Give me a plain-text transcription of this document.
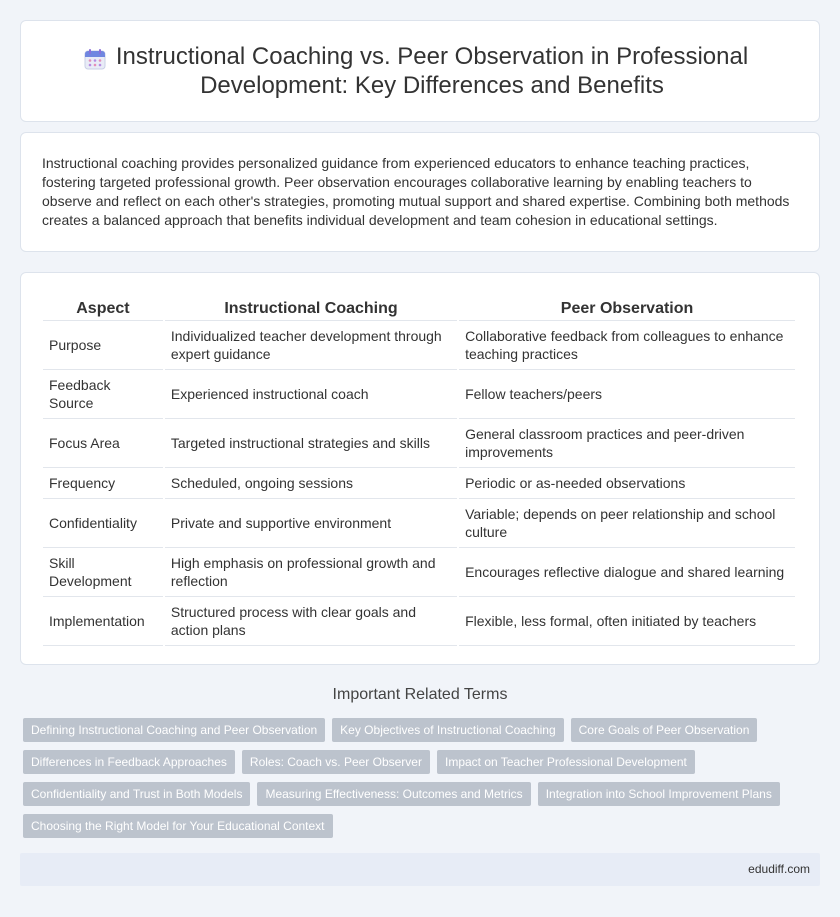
Instructional Coaching vs. Peer Observation in Professional Development: Key Differences and Benefits

Instructional coaching provides personalized guidance from experienced educators to enhance teaching practices, fostering targeted professional growth. Peer observation encourages collaborative learning by enabling teachers to observe and reflect on each other's strategies, promoting mutual support and shared expertise. Combining both methods creates a balanced approach that benefits individual development and team cohesion in educational settings.

Aspect	Instructional Coaching	Peer Observation
Purpose	Individualized teacher development through expert guidance	Collaborative feedback from colleagues to enhance teaching practices
Feedback Source	Experienced instructional coach	Fellow teachers/peers
Focus Area	Targeted instructional strategies and skills	General classroom practices and peer-driven improvements
Frequency	Scheduled, ongoing sessions	Periodic or as-needed observations
Confidentiality	Private and supportive environment	Variable; depends on peer relationship and school culture
Skill Development	High emphasis on professional growth and reflection	Encourages reflective dialogue and shared learning
Implementation	Structured process with clear goals and action plans	Flexible, less formal, often initiated by teachers
Important Related Terms
Defining Instructional Coaching and Peer Observation	Key Objectives of Instructional Coaching	Core Goals of Peer Observation
Differences in Feedback Approaches	Roles: Coach vs. Peer Observer	Impact on Teacher Professional Development
Confidentiality and Trust in Both Models	Measuring Effectiveness: Outcomes and Metrics	Integration into School Improvement Plans
Choosing the Right Model for Your Educational Context
edudiff.com
